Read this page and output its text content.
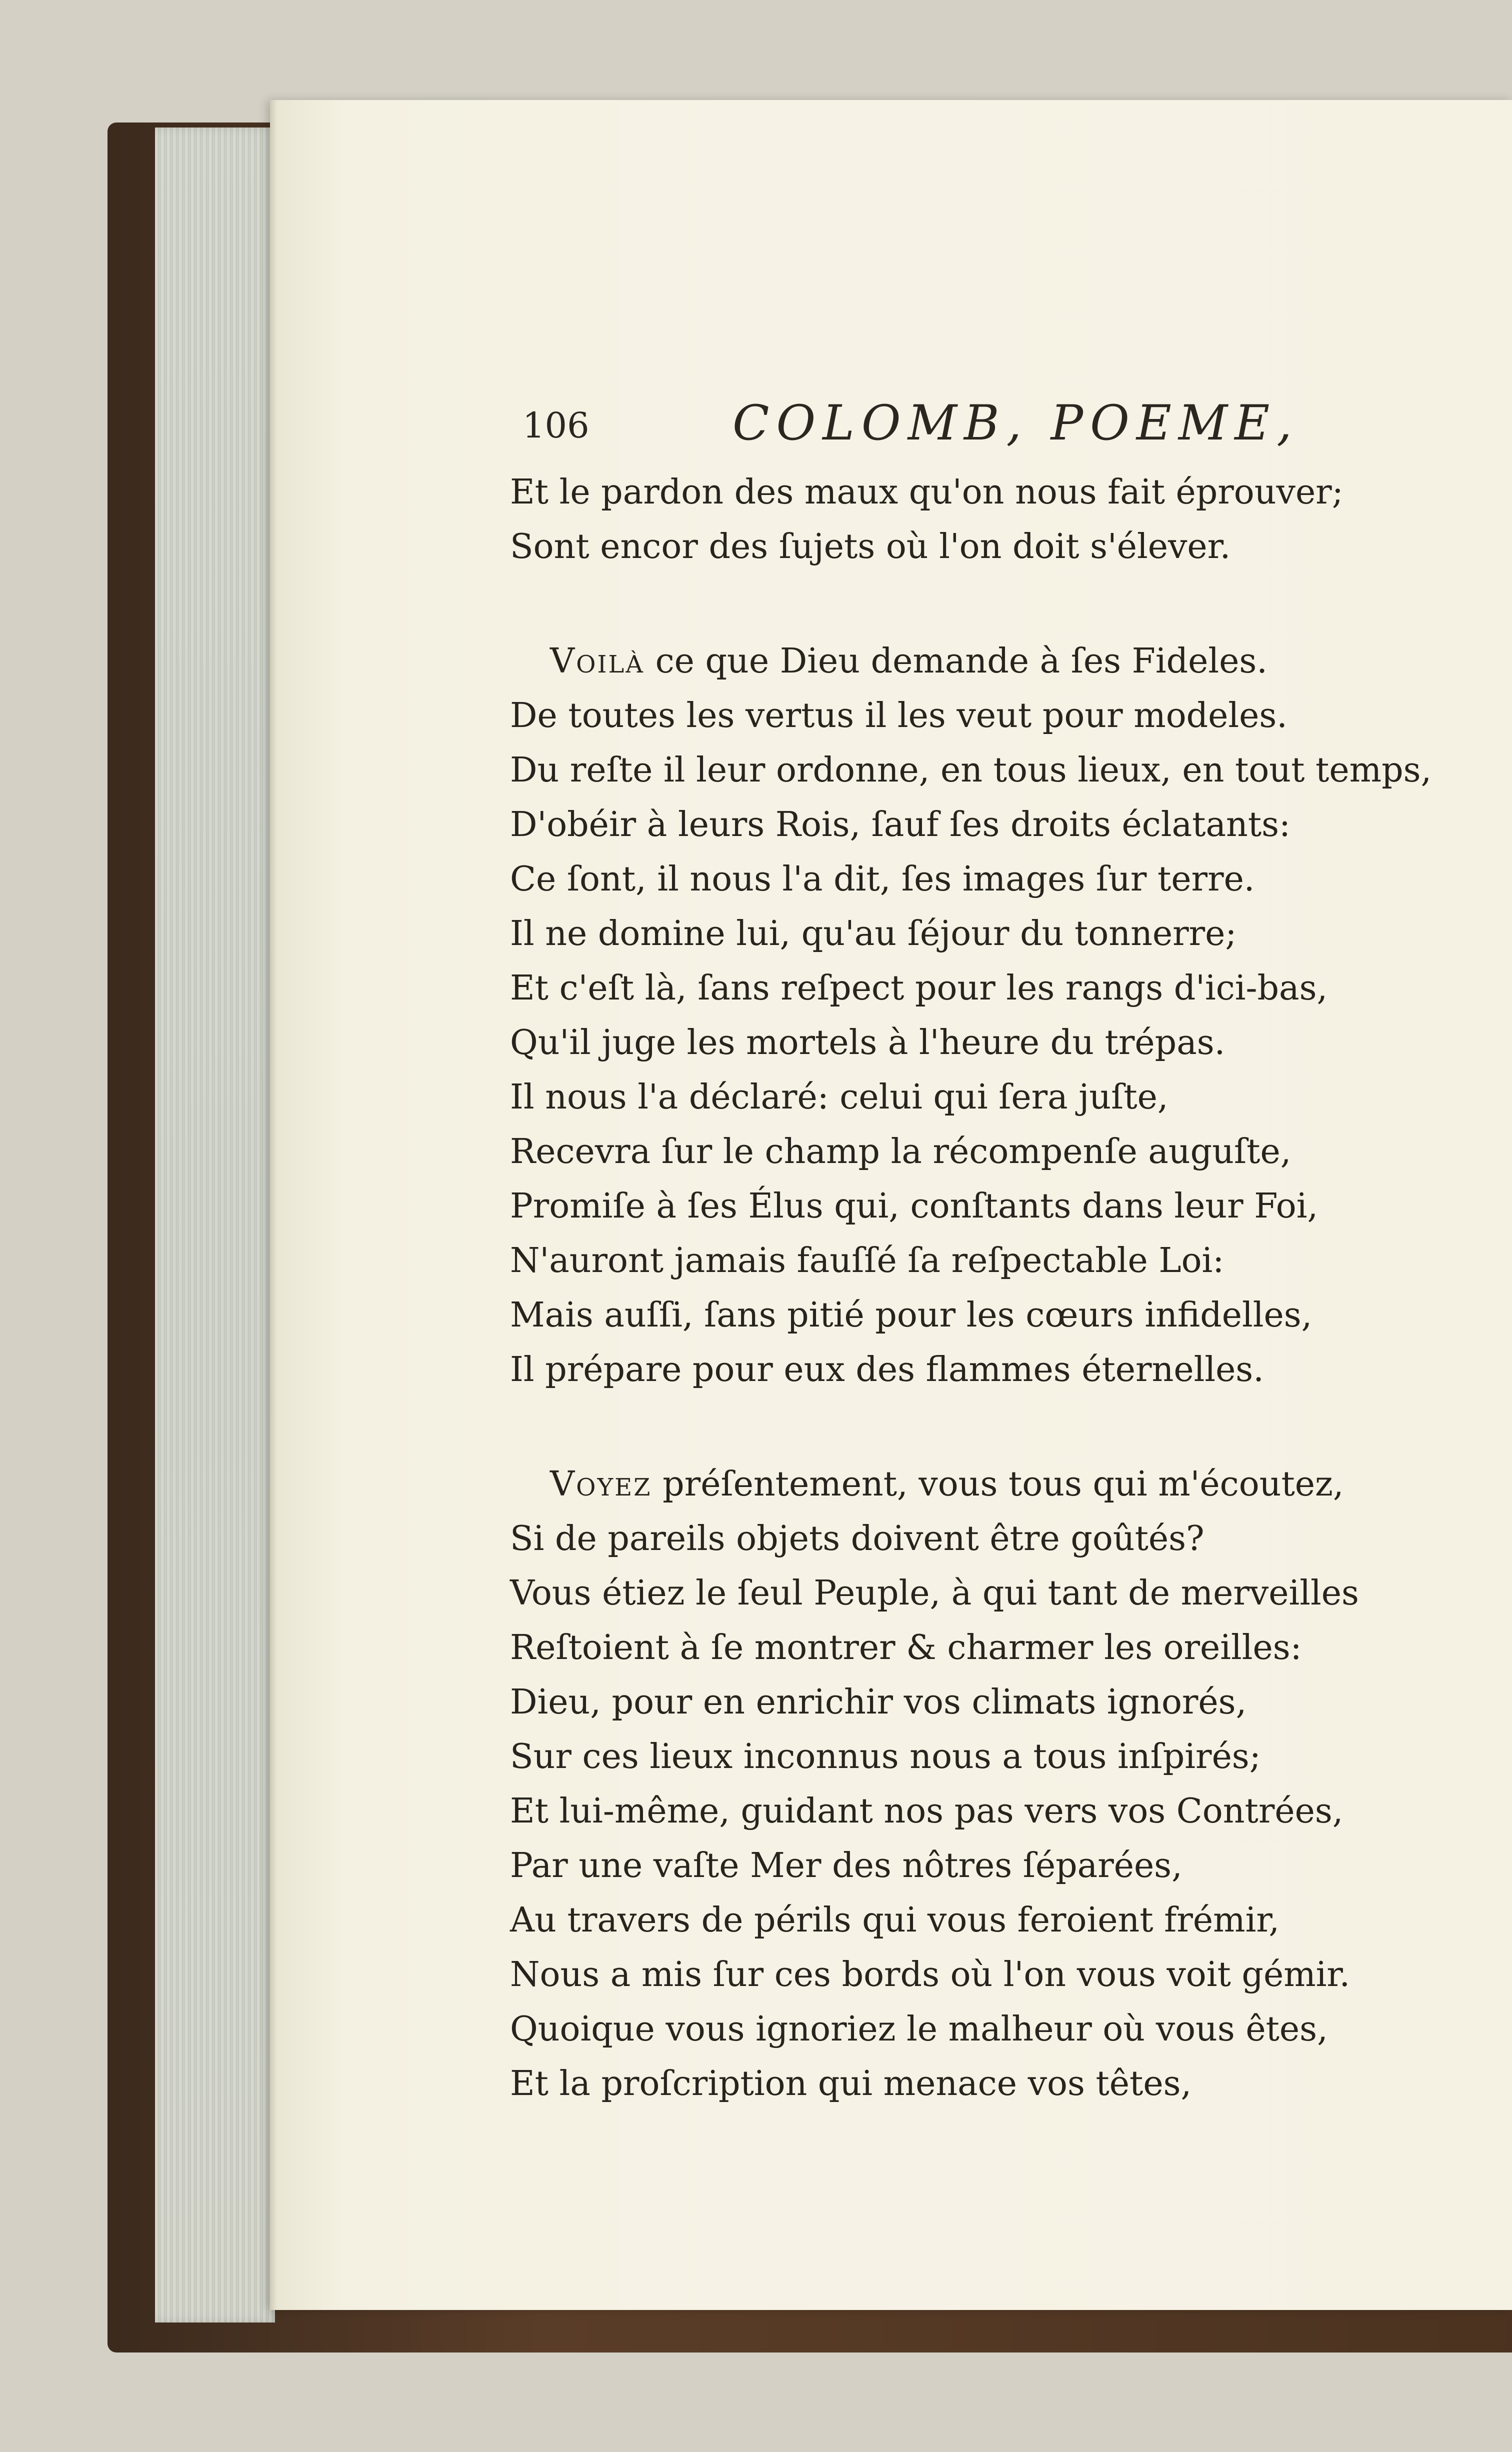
106	COLOMB, POEME,
Et le pardon des maux qu'on nous fait éprouver;
Sont encor des ſujets où l'on doit s'élever.
Voilà ce que Dieu demande à ſes Fideles.
De toutes les vertus il les veut pour modeles.
Du reſte il leur ordonne, en tous lieux, en tout temps,
D'obéir à leurs Rois, ſauf ſes droits éclatants:
Ce ſont, il nous l'a dit, ſes images ſur terre.
Il ne domine lui, qu'au ſéjour du tonnerre;
Et c'eſt là, ſans reſpect pour les rangs d'ici-bas,
Qu'il juge les mortels à l'heure du trépas.
Il nous l'a déclaré: celui qui ſera juſte,
Recevra ſur le champ la récompenſe auguſte,
Promiſe à ſes Élus qui, conſtants dans leur Foi,
N'auront jamais fauſſé ſa reſpectable Loi:
Mais auſſi, ſans pitié pour les cœurs infidelles,
Il prépare pour eux des flammes éternelles.
Voyez préſentement, vous tous qui m'écoutez,
Si de pareils objets doivent être goûtés?
Vous étiez le ſeul Peuple, à qui tant de merveilles
Reſtoient à ſe montrer & charmer les oreilles:
Dieu, pour en enrichir vos climats ignorés,
Sur ces lieux inconnus nous a tous inſpirés;
Et lui-même, guidant nos pas vers vos Contrées,
Par une vaſte Mer des nôtres ſéparées,
Au travers de périls qui vous feroient frémir,
Nous a mis ſur ces bords où l'on vous voit gémir.
Quoique vous ignoriez le malheur où vous êtes,
Et la proſcription qui menace vos têtes,
